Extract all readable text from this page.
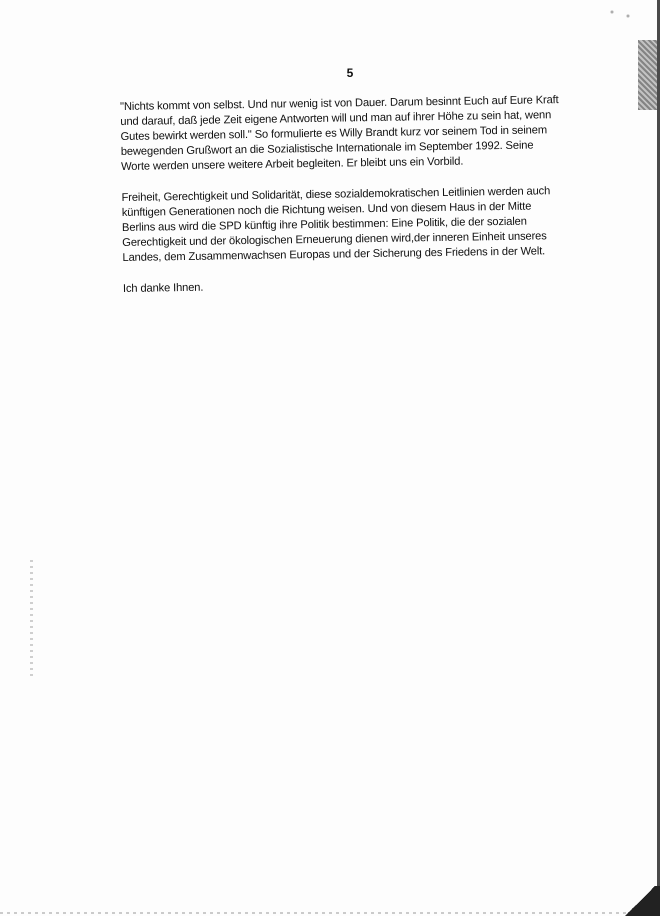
5

"Nichts kommt von selbst. Und nur wenig ist von Dauer. Darum besinnt Euch auf Eure Kraft
und darauf, daß jede Zeit eigene Antworten will und man auf ihrer Höhe zu sein hat, wenn
Gutes bewirkt werden soll." So formulierte es Willy Brandt kurz vor seinem Tod in seinem
bewegenden Grußwort an die Sozialistische Internationale im September 1992. Seine
Worte werden unsere weitere Arbeit begleiten. Er bleibt uns ein Vorbild.

Freiheit, Gerechtigkeit und Solidarität, diese sozialdemokratischen Leitlinien werden auch
künftigen Generationen noch die Richtung weisen. Und von diesem Haus in der Mitte
Berlins aus wird die SPD künftig ihre Politik bestimmen: Eine Politik, die der sozialen
Gerechtigkeit und der ökologischen Erneuerung dienen wird,der inneren Einheit unseres
Landes, dem Zusammenwachsen Europas und der Sicherung des Friedens in der Welt.

Ich danke Ihnen.
